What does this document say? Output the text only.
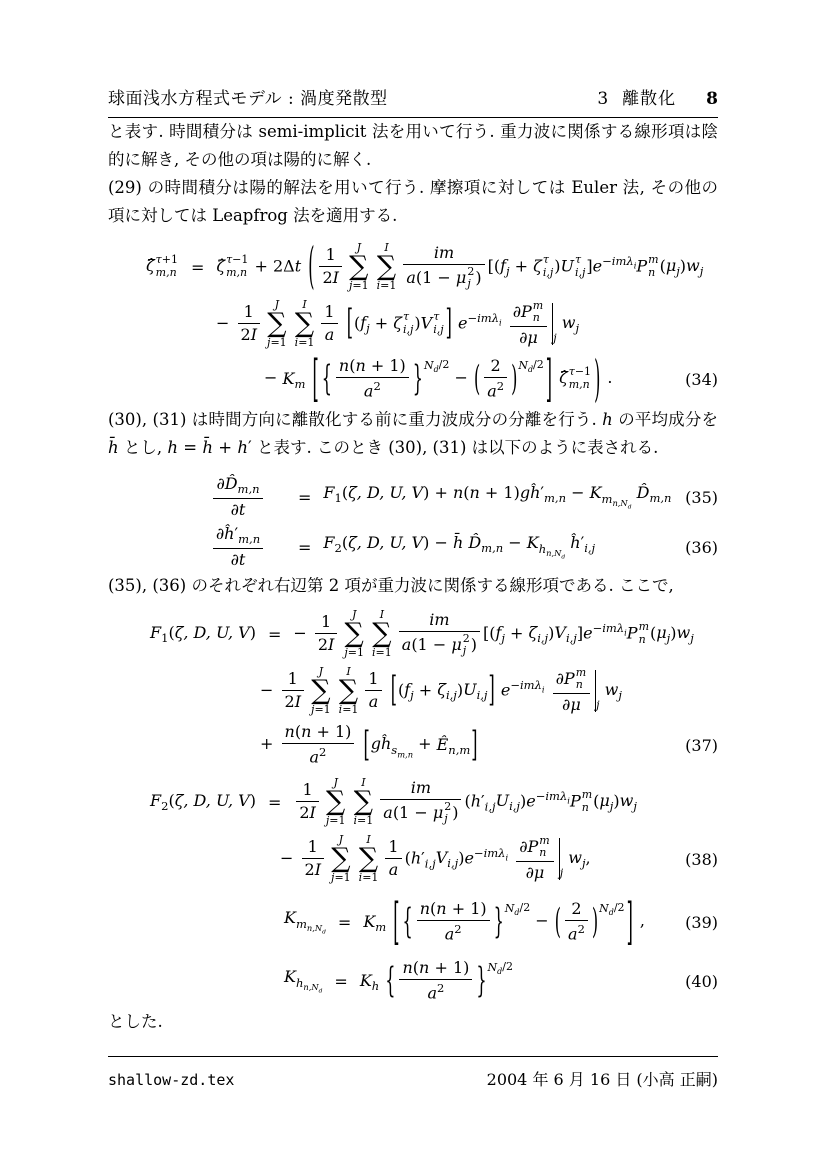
球面浅水方程式モデル : 渦度発散型	3 離散化 8

と表す. 時間積分は semi-implicit 法を用いて行う. 重力波に関係する線形項は陰的に解き, その他の項は陽的に解く.

(29) の時間積分は陽的解法を用いて行う. 摩擦項に対しては Euler 法, その他の項に対しては Leapfrog 法を適用する.

ζ̂ τ+1
m,n = ζ̂ τ−1
m,n + 2Δt ( $\frac{1}{2I}$ J
∑
j=1
I
∑
i=1 im
a(1 − μ 2
j ) [($f_j + \zeta$ τ
i,j )U τ
i,j ]$e^{-im\lambda_i}P$ m
n $(\mu_j)w_j$
− $\frac{1}{2I}$ J
∑
j=1
I
∑
$i=1 \frac{1}{a} [(f_j + \zeta$ τ
i,j )V τ
i,j ] $e^{-im\lambda_i}$
∂P m
n
∂μ	$_j$ $w_j$
− $K_m$ [ { $\frac{n(n + 1)}{a^2} \}^{N_d/2}$ − ( $\frac{2}{a^2} )^{N_d/2}$ ] ζ̂ τ−1
m,n ) .	(34)

(30), (31) は時間方向に離散化する前に重力波成分の分離を行う. h の平均成分を h̄ とし, h = h̄ + h′ と表す. このとき (30), (31) は以下のように表される.

$\frac{\partial D̂_{m,n}}{\partial t}$	= $F_1(\zeta$, D, U, $V) + n(n + 1)gĥ'_{m,n} - K_{m_{n,N_d}}$ $D̂_{m,n}$ (35)
$\frac{\partial ĥ'_{m,n}}{\partial t}$	= $F_2(\zeta$, D, U, V) − h̄ $D̂_{m,n} - K_{h_{n,N_d}}$ $ĥ'_{i,j}$	(36)

(35), (36) のそれぞれ右辺第 2 項が重力波に関係する線形項である. ここで,

$F_1(\zeta$, D, U, V) = − $\frac{1}{2I}$ J
∑
j=1
I
∑
i=1 im
a(1 − μ 2
j ) $[(f_j + \zeta_{i,j})V_{i,j}]e^{-im\lambda_i}P$ m
n $(\mu_j)w_j$
− $\frac{1}{2I}$ J
∑
j=1
I
∑
$i=1 \frac{1}{a} [(f_j + \zeta_{i,j})U_{i,j}]$ $e^{-im\lambda_i}$
∂P m
n
∂μ	$_j$ $w_j$
+ $\frac{n(n + 1)}{a^2}$ [$gĥ_{s_{m,n}}$ + $Ê_{n,m}$]	(37)
$F_2(\zeta$, D, U, $V) = \frac{1}{2I}$ J
∑
j=1
I
∑
i=1 im
a(1 − μ 2
j ) $(h'_{i,j}U_{i,j})e^{-im\lambda_i}P$ m
n $(\mu_j)w_j$
− $\frac{1}{2I}$ J
∑
j=1
I
∑
$i=1 \frac{1}{a} (h'_{i,j}V_{i,j})e^{-im\lambda_i}$
∂P m
n
∂μ	$_j$ $w_j$,	(38)
$K_{m_{n,N_d}}$
= $K_m$ [ { $\frac{n(n + 1)}{a^2} \}^{N_d/2}$ − ( $\frac{2}{a^2} )^{N_d/2}$ ] ,	(39)
$K_{h_{n,N_d}}$
= $K_h$ { $\frac{n(n + 1)}{a^2} \}^{N_d/2}$
(40)

とした.

shallow-zd.tex	2004 年 6 月 16 日 (小高 正嗣)
